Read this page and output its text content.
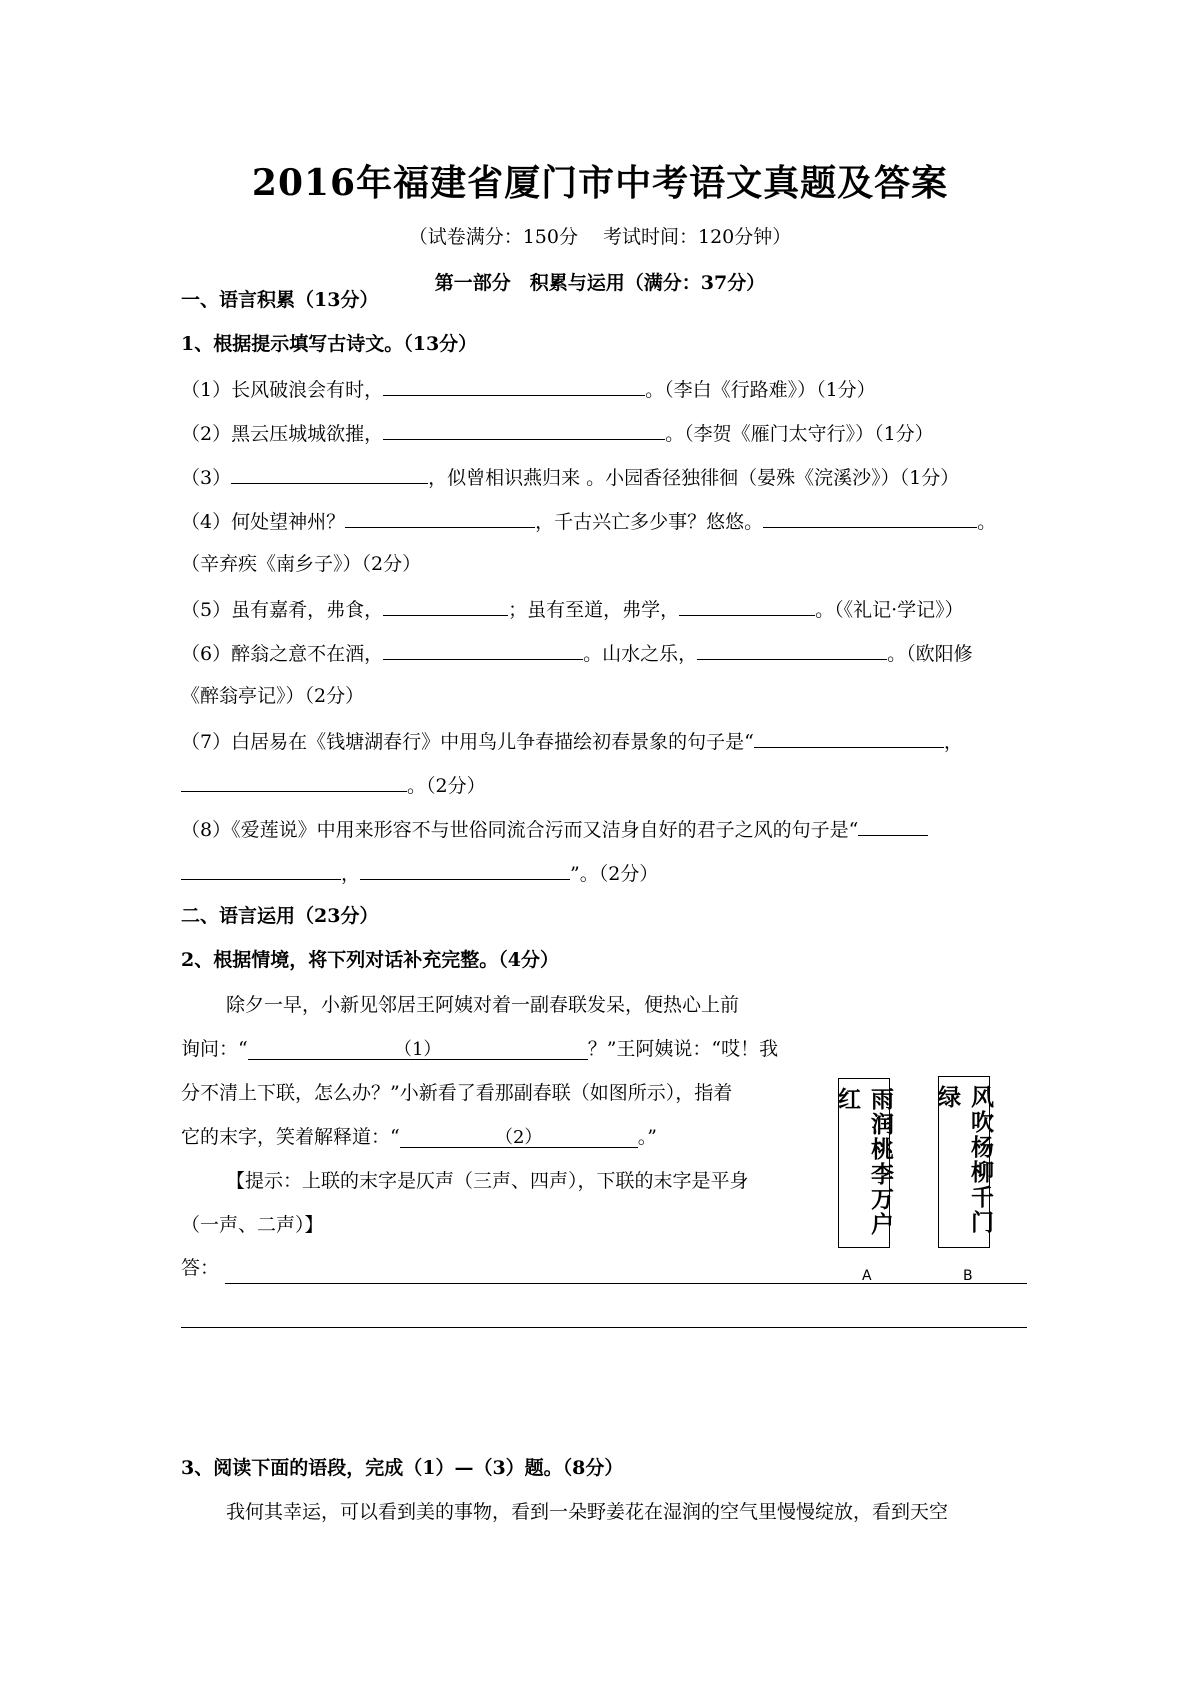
2016年福建省厦门市中考语文真题及答案
（试卷满分：150分　 考试时间：120分钟）
第一部分　积累与运用（满分：37分）
一、语言积累（13分）
1、根据提示填写古诗文。（13分）
（1）长风破浪会有时，	。（李白《行路难》）（1分）
（2）黑云压城城欲摧，	。（李贺《雁门太守行》）（1分）
（3）	，似曾相识燕归来 。小园香径独徘徊（晏殊《浣溪沙》）（1分）
（4）何处望神州？	，千古兴亡多少事？悠悠。	。
（辛弃疾《南乡子》）（2分）
（5）虽有嘉肴，弗食，	；虽有至道，弗学，	。（《礼记·学记》）
（6）醉翁之意不在酒，	。山水之乐，	。（欧阳修
《醉翁亭记》）（2分）
（7）白居易在《钱塘湖春行》中用鸟儿争春描绘初春景象的句子是“	，
。（2分）
（8）《爱莲说》中用来形容不与世俗同流合污而又洁身自好的君子之风的句子是“
，	”。（2分）
二、语言运用（23分）
2、根据情境，将下列对话补充完整。（4分）
除夕一早，小新见邻居王阿姨对着一副春联发呆，便热心上前
询问：“	（1）	？”王阿姨说：“哎！我
分不清上下联，怎么办？”小新看了看那副春联（如图所示），指着
它的末字，笑着解释道：“	（2）	。”
【提示：上联的末字是仄声（三声、四声），下联的末字是平身
（一声、二声）】
答：
雨润桃李万户红
A
风吹杨柳千门绿
B
3、阅读下面的语段，完成（1）—（3）题。（8分）
我何其幸运，可以看到美的事物，看到一朵野姜花在湿润的空气里慢慢绽放，看到天空
